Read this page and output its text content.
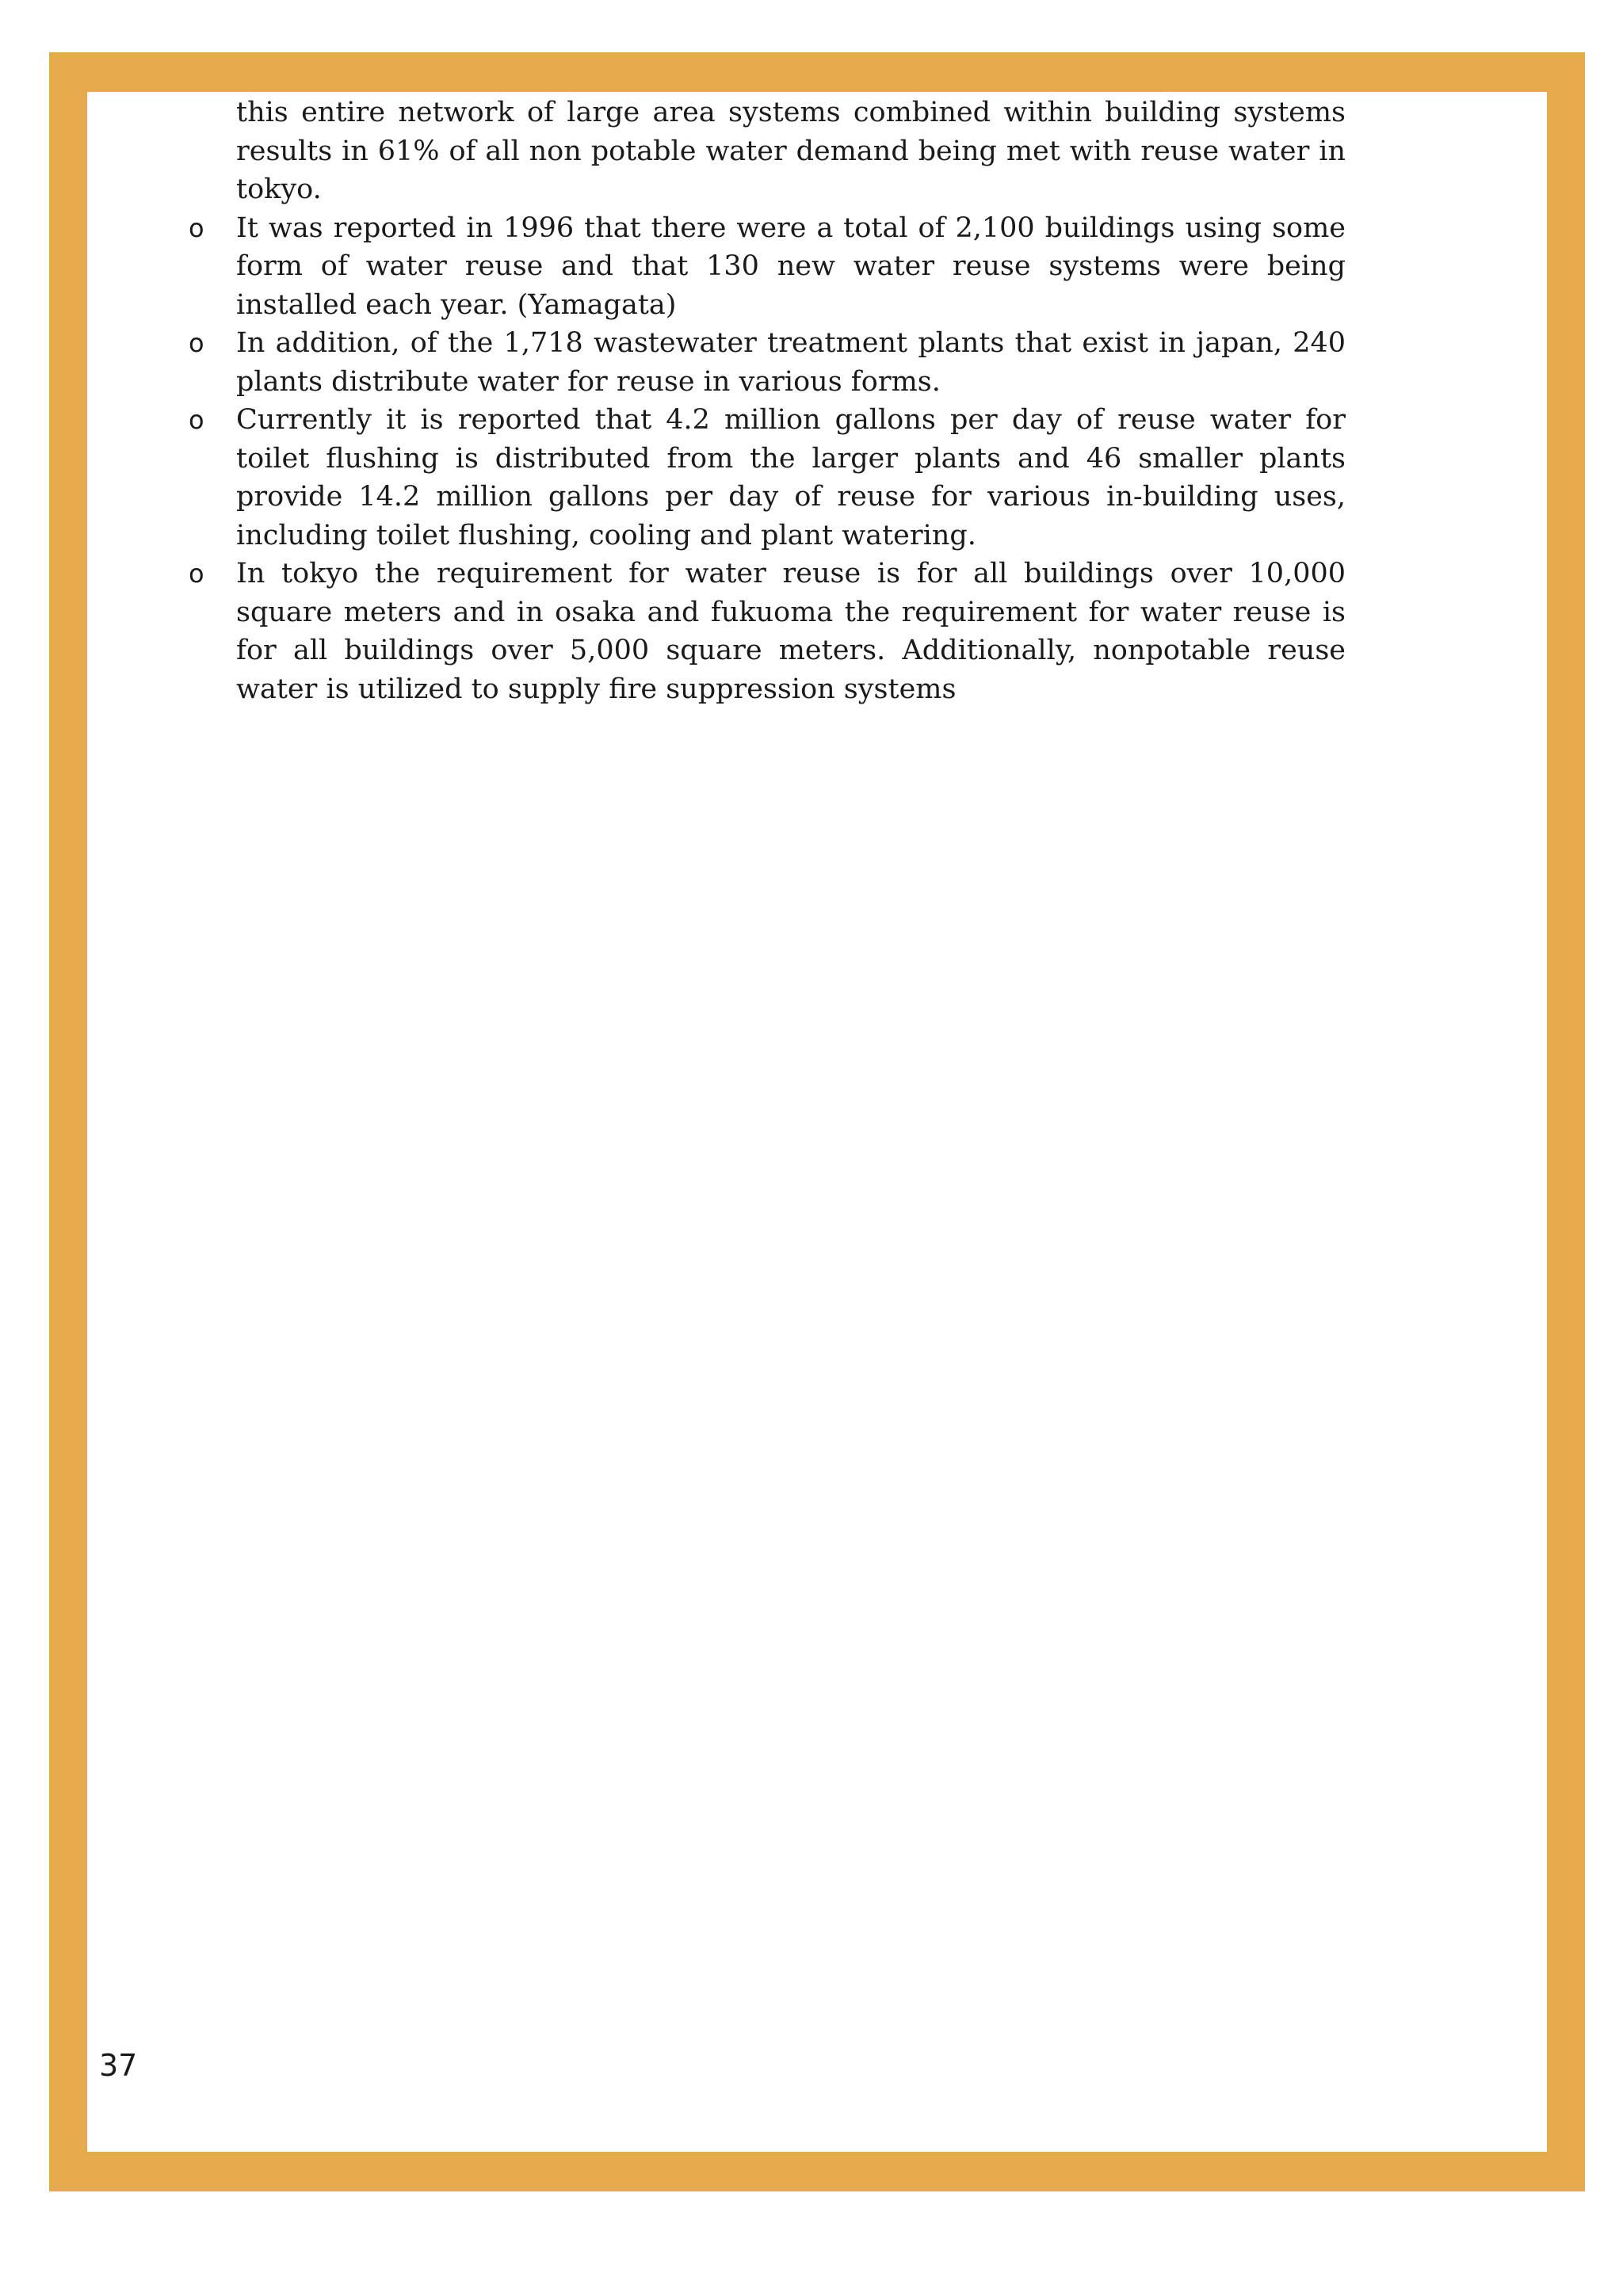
this entire network of large area systems combined within building systems results in 61% of all non potable water demand being met with reuse water in tokyo.

o It was reported in 1996 that there were a total of 2,100 buildings using some form of water reuse and that 130 new water reuse systems were being installed each year. (Yamagata)
o In addition, of the 1,718 wastewater treatment plants that exist in japan, 240 plants distribute water for reuse in various forms.
o Currently it is reported that 4.2 million gallons per day of reuse water for toilet flushing is distributed from the larger plants and 46 smaller plants provide 14.2 million gallons per day of reuse for various in-building uses, including toilet flushing, cooling and plant watering.
o In tokyo the requirement for water reuse is for all buildings over 10,000 square meters and in osaka and fukuoma the requirement for water reuse is for all buildings over 5,000 square meters. Additionally, nonpotable reuse water is utilized to supply fire suppression systems
37
